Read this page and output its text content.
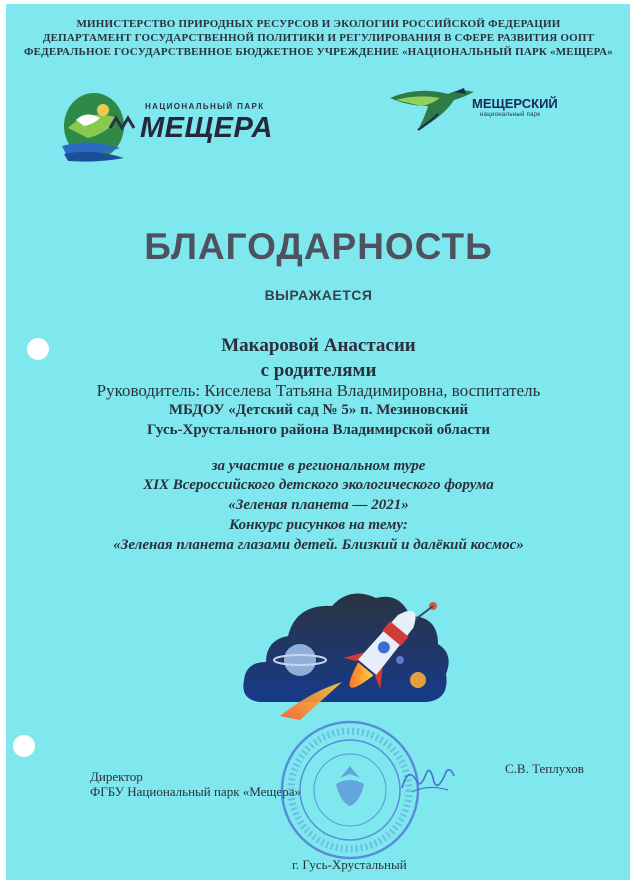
МИНИСТЕРСТВО ПРИРОДНЫХ РЕСУРСОВ И ЭКОЛОГИИ РОССИЙСКОЙ ФЕДЕРАЦИИ
ДЕПАРТАМЕНТ ГОСУДАРСТВЕННОЙ ПОЛИТИКИ И РЕГУЛИРОВАНИЯ В СФЕРЕ РАЗВИТИЯ ООПТ
ФЕДЕРАЛЬНОЕ ГОСУДАРСТВЕННОЕ БЮДЖЕТНОЕ УЧРЕЖДЕНИЕ «НАЦИОНАЛЬНЫЙ ПАРК «МЕЩЕРА»
НАЦИОНАЛЬНЫЙ ПАРК
МЕЩЕРА
МЕЩЕРСКИЙ
национальный парк
БЛАГОДАРНОСТЬ
ВЫРАЖАЕТСЯ
Макаровой Анастасии
с родителями
Руководитель: Киселева Татьяна Владимировна, воспитатель
МБДОУ «Детский сад № 5» п. Мезиновский
Гусь-Хрустального района Владимирской области
за участие в региональном туре
XIX Всероссийского детского экологического форума
«Зеленая планета — 2021»
Конкурс рисунков на тему:
«Зеленая планета глазами детей. Близкий и далёкий космос»
Директор
ФГБУ Национальный парк «Мещера»
С.В. Теплухов
г. Гусь-Хрустальный
